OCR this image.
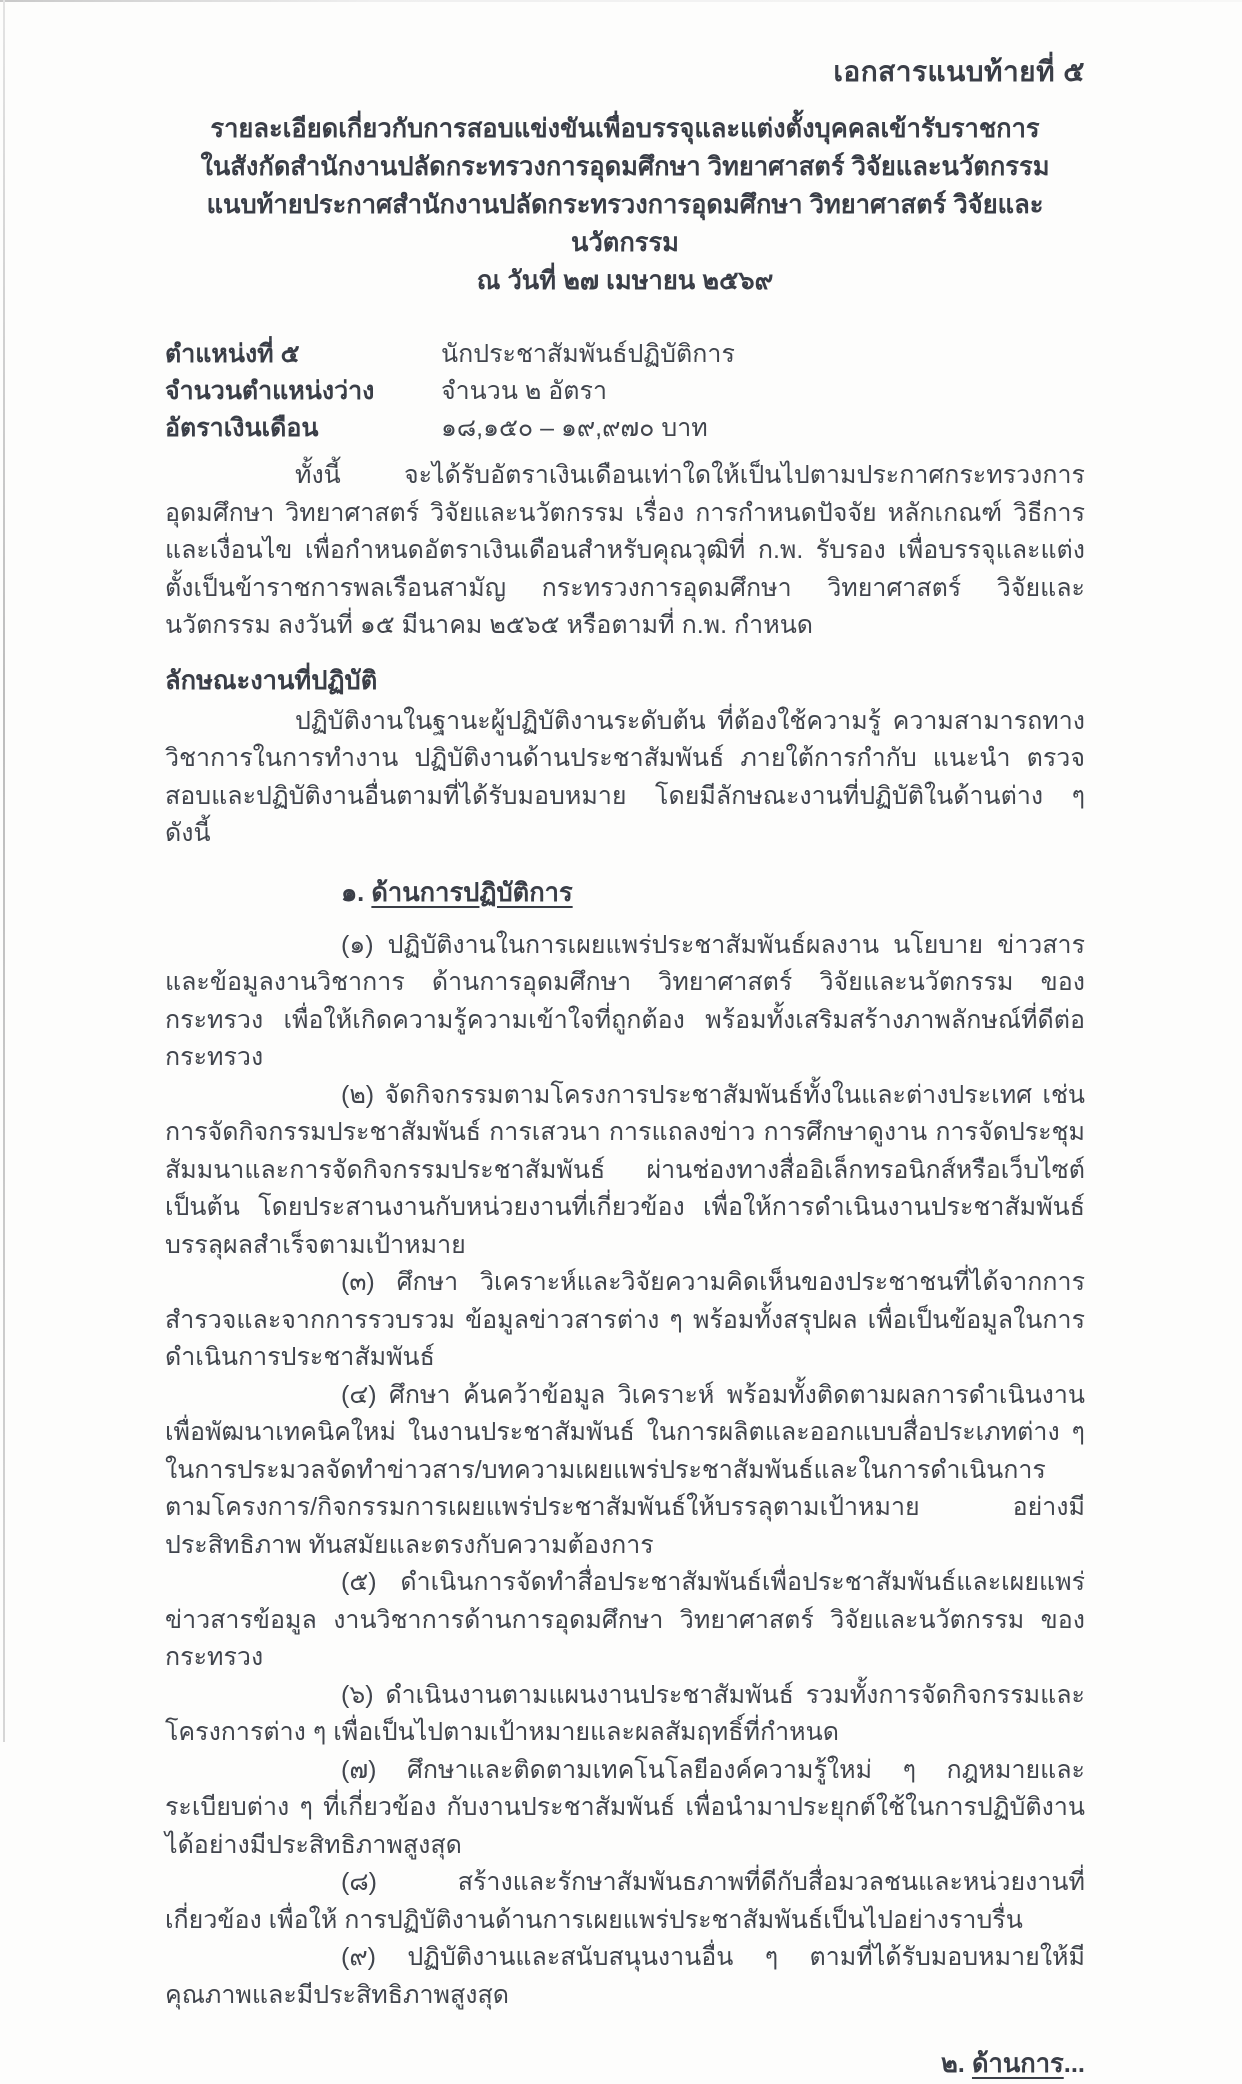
เอกสารแนบท้ายที่ ๕
รายละเอียดเกี่ยวกับการสอบแข่งขันเพื่อบรรจุและแต่งตั้งบุคคลเข้ารับราชการ
ในสังกัดสำนักงานปลัดกระทรวงการอุดมศึกษา วิทยาศาสตร์ วิจัยและนวัตกรรม
แนบท้ายประกาศสำนักงานปลัดกระทรวงการอุดมศึกษา วิทยาศาสตร์ วิจัยและนวัตกรรม
ณ วันที่ ๒๗ เมษายน ๒๕๖๙
ตำแหน่งที่ ๕	นักประชาสัมพันธ์ปฏิบัติการ
จำนวนตำแหน่งว่าง	จำนวน ๒ อัตรา
อัตราเงินเดือน	๑๘,๑๕๐ – ๑๙,๙๗๐ บาท

ทั้งนี้ จะได้รับอัตราเงินเดือนเท่าใดให้เป็นไปตามประกาศกระทรวงการอุดมศึกษา วิทยาศาสตร์ วิจัยและนวัตกรรม เรื่อง การกำหนดปัจจัย หลักเกณฑ์ วิธีการ และเงื่อนไข เพื่อกำหนดอัตราเงินเดือนสำหรับคุณวุฒิที่ ก.พ. รับรอง เพื่อบรรจุและแต่งตั้งเป็นข้าราชการพลเรือนสามัญ กระทรวงการอุดมศึกษา วิทยาศาสตร์ วิจัยและนวัตกรรม ลงวันที่ ๑๕ มีนาคม ๒๕๖๕ หรือตามที่ ก.พ. กำหนด

ลักษณะงานที่ปฏิบัติ

ปฏิบัติงานในฐานะผู้ปฏิบัติงานระดับต้น ที่ต้องใช้ความรู้ ความสามารถทางวิชาการในการทำงาน ปฏิบัติงานด้านประชาสัมพันธ์ ภายใต้การกำกับ แนะนำ ตรวจสอบและปฏิบัติงานอื่นตามที่ได้รับมอบหมาย โดยมีลักษณะงานที่ปฏิบัติในด้านต่าง ๆ ดังนี้

๑. ด้านการปฏิบัติการ

(๑) ปฏิบัติงานในการเผยแพร่ประชาสัมพันธ์ผลงาน นโยบาย ข่าวสารและข้อมูลงานวิชาการ ด้านการอุดมศึกษา วิทยาศาสตร์ วิจัยและนวัตกรรม ของกระทรวง เพื่อให้เกิดความรู้ความเข้าใจที่ถูกต้อง พร้อมทั้งเสริมสร้างภาพลักษณ์ที่ดีต่อกระทรวง

(๒) จัดกิจกรรมตามโครงการประชาสัมพันธ์ทั้งในและต่างประเทศ เช่น การจัดกิจกรรมประชาสัมพันธ์ การเสวนา การแถลงข่าว การศึกษาดูงาน การจัดประชุมสัมมนาและการจัดกิจกรรมประชาสัมพันธ์ ผ่านช่องทางสื่ออิเล็กทรอนิกส์หรือเว็บไซต์ เป็นต้น โดยประสานงานกับหน่วยงานที่เกี่ยวข้อง เพื่อให้การดำเนินงานประชาสัมพันธ์บรรลุผลสำเร็จตามเป้าหมาย

(๓) ศึกษา วิเคราะห์และวิจัยความคิดเห็นของประชาชนที่ได้จากการสำรวจและจากการรวบรวม ข้อมูลข่าวสารต่าง ๆ พร้อมทั้งสรุปผล เพื่อเป็นข้อมูลในการดำเนินการประชาสัมพันธ์

(๔) ศึกษา ค้นคว้าข้อมูล วิเคราะห์ พร้อมทั้งติดตามผลการดำเนินงาน เพื่อพัฒนาเทคนิคใหม่ ในงานประชาสัมพันธ์ ในการผลิตและออกแบบสื่อประเภทต่าง ๆ ในการประมวลจัดทำข่าวสาร/บทความเผยแพร่ประชาสัมพันธ์และในการดำเนินการตามโครงการ/กิจกรรมการเผยแพร่ประชาสัมพันธ์ให้บรรลุตามเป้าหมาย อย่างมีประสิทธิภาพ ทันสมัยและตรงกับความต้องการ

(๕) ดำเนินการจัดทำสื่อประชาสัมพันธ์เพื่อประชาสัมพันธ์และเผยแพร่ข่าวสารข้อมูล งานวิชาการด้านการอุดมศึกษา วิทยาศาสตร์ วิจัยและนวัตกรรม ของกระทรวง

(๖) ดำเนินงานตามแผนงานประชาสัมพันธ์ รวมทั้งการจัดกิจกรรมและโครงการต่าง ๆ เพื่อเป็นไปตามเป้าหมายและผลสัมฤทธิ์ที่กำหนด

(๗) ศึกษาและติดตามเทคโนโลยีองค์ความรู้ใหม่ ๆ กฎหมายและระเบียบต่าง ๆ ที่เกี่ยวข้อง กับงานประชาสัมพันธ์ เพื่อนำมาประยุกต์ใช้ในการปฏิบัติงานได้อย่างมีประสิทธิภาพสูงสุด

(๘)	สร้างและรักษาสัมพันธภาพที่ดีกับสื่อมวลชนและหน่วยงานที่เกี่ยวข้อง เพื่อให้ การปฏิบัติงานด้านการเผยแพร่ประชาสัมพันธ์เป็นไปอย่างราบรื่น

(๙) ปฏิบัติงานและสนับสนุนงานอื่น ๆ ตามที่ได้รับมอบหมายให้มีคุณภาพและมีประสิทธิภาพสูงสุด

๒. ด้านการ...
